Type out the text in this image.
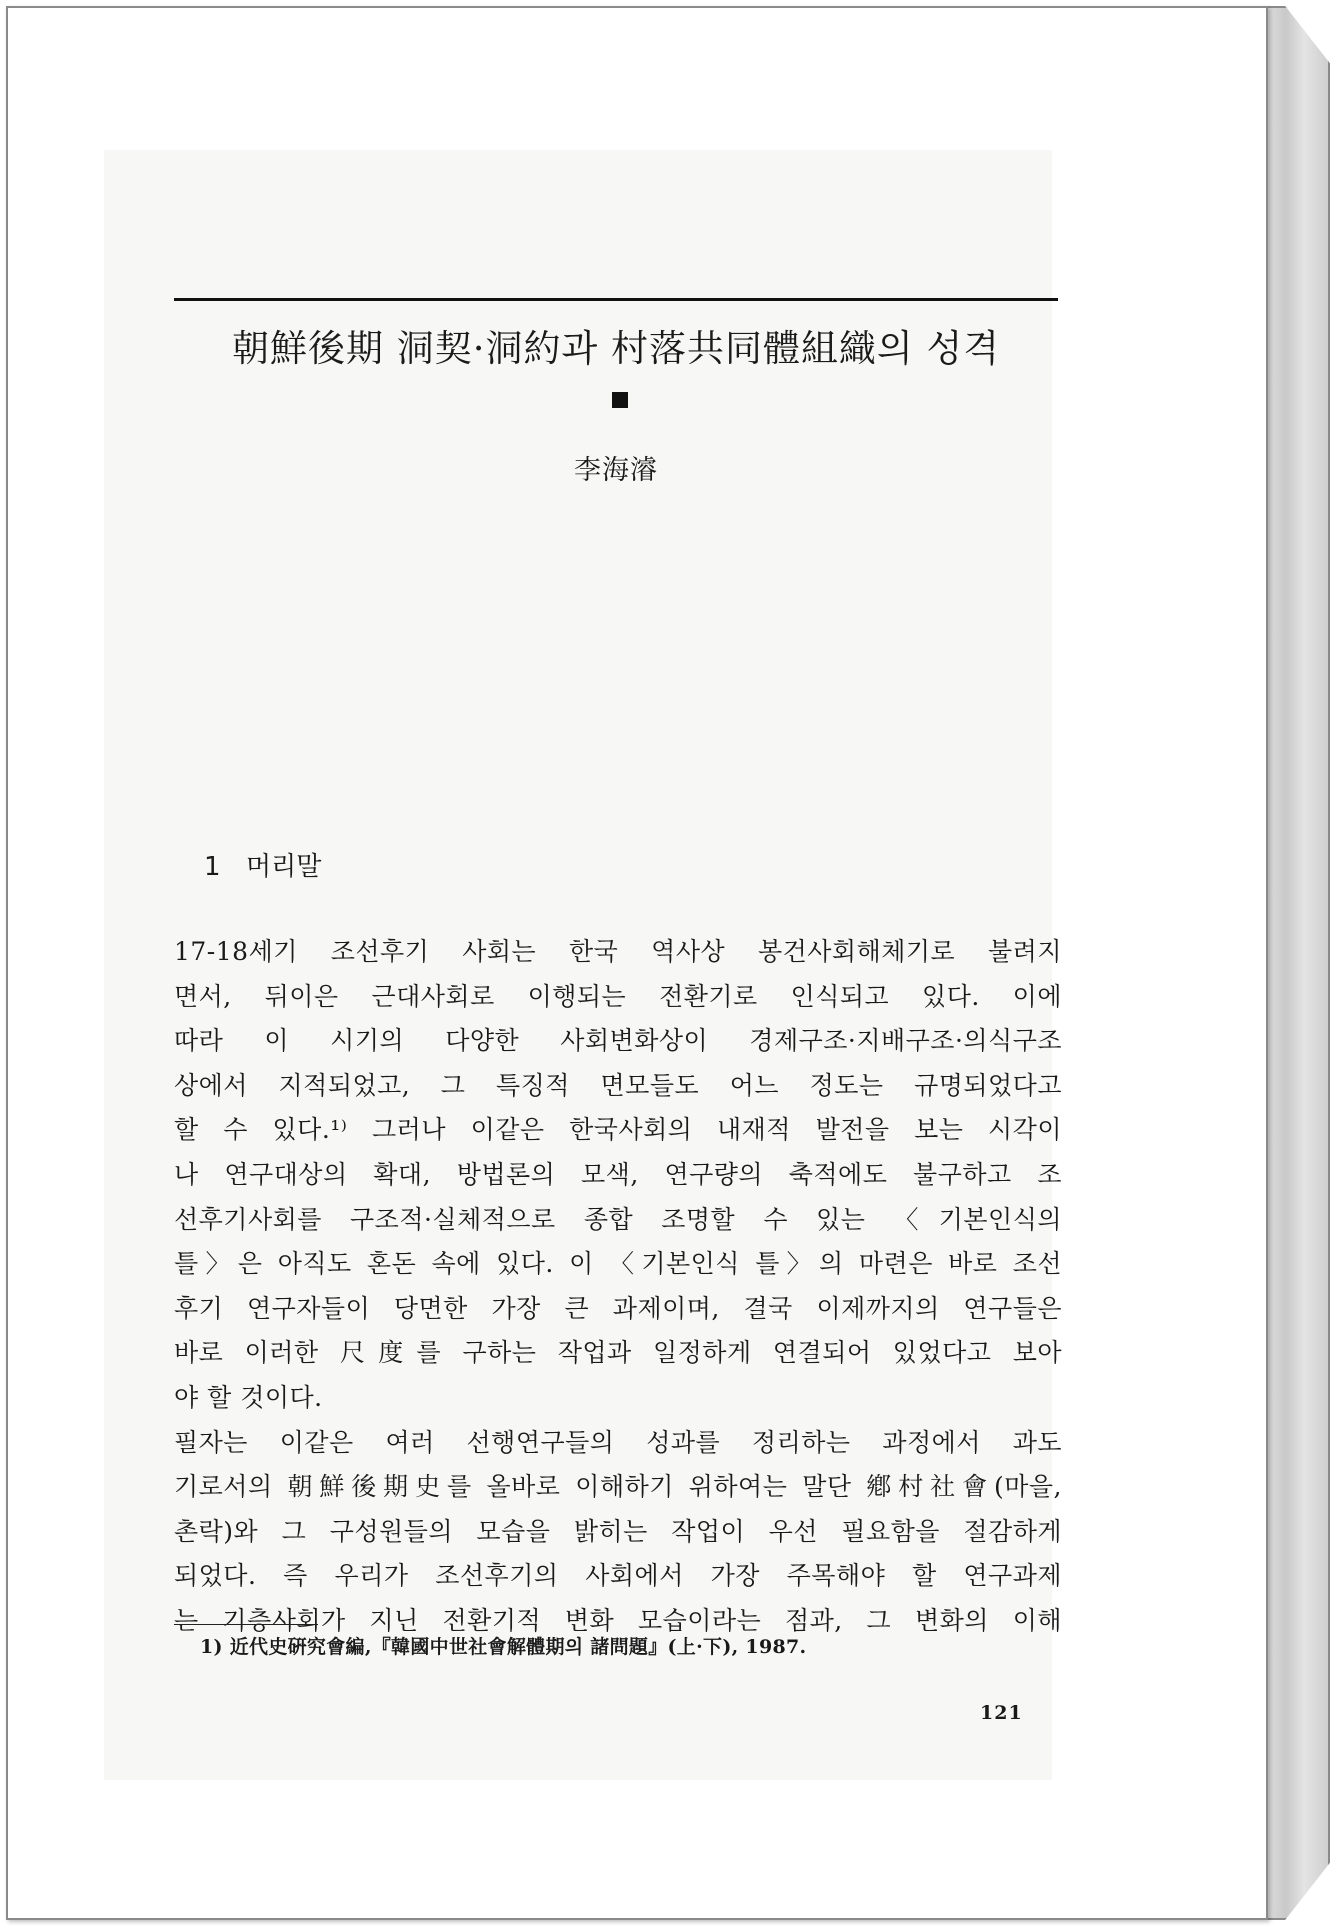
朝鮮後期 洞契·洞約과 村落共同體組織의 성격
李海濬
1 머리말
17-18세기 조선후기 사회는 한국 역사상 봉건사회해체기로 불려지
면서, 뒤이은 근대사회로 이행되는 전환기로 인식되고 있다. 이에
따라 이 시기의 다양한 사회변화상이 경제구조·지배구조·의식구조
상에서 지적되었고, 그 특징적 면모들도 어느 정도는 규명되었다고
할 수 있다.¹⁾ 그러나 이같은 한국사회의 내재적 발전을 보는 시각이
나 연구대상의 확대, 방법론의 모색, 연구량의 축적에도 불구하고 조
선후기사회를 구조적·실체적으로 종합 조명할 수 있는 〈기본인식의
틀〉은 아직도 혼돈 속에 있다. 이 〈기본인식 틀〉의 마련은 바로 조선
후기 연구자들이 당면한 가장 큰 과제이며, 결국 이제까지의 연구들은
바로 이러한 尺度를 구하는 작업과 일정하게 연결되어 있었다고 보아
야 할 것이다.
필자는 이같은 여러 선행연구들의 성과를 정리하는 과정에서 과도
기로서의 朝鮮後期史를 올바로 이해하기 위하여는 말단 鄕村社會(마을,
촌락)와 그 구성원들의 모습을 밝히는 작업이 우선 필요함을 절감하게
되었다. 즉 우리가 조선후기의 사회에서 가장 주목해야 할 연구과제
는 기층사회가 지닌 전환기적 변화 모습이라는 점과, 그 변화의 이해
1) 近代史硏究會編,『韓國中世社會解體期의 諸問題』(上·下), 1987.
121
